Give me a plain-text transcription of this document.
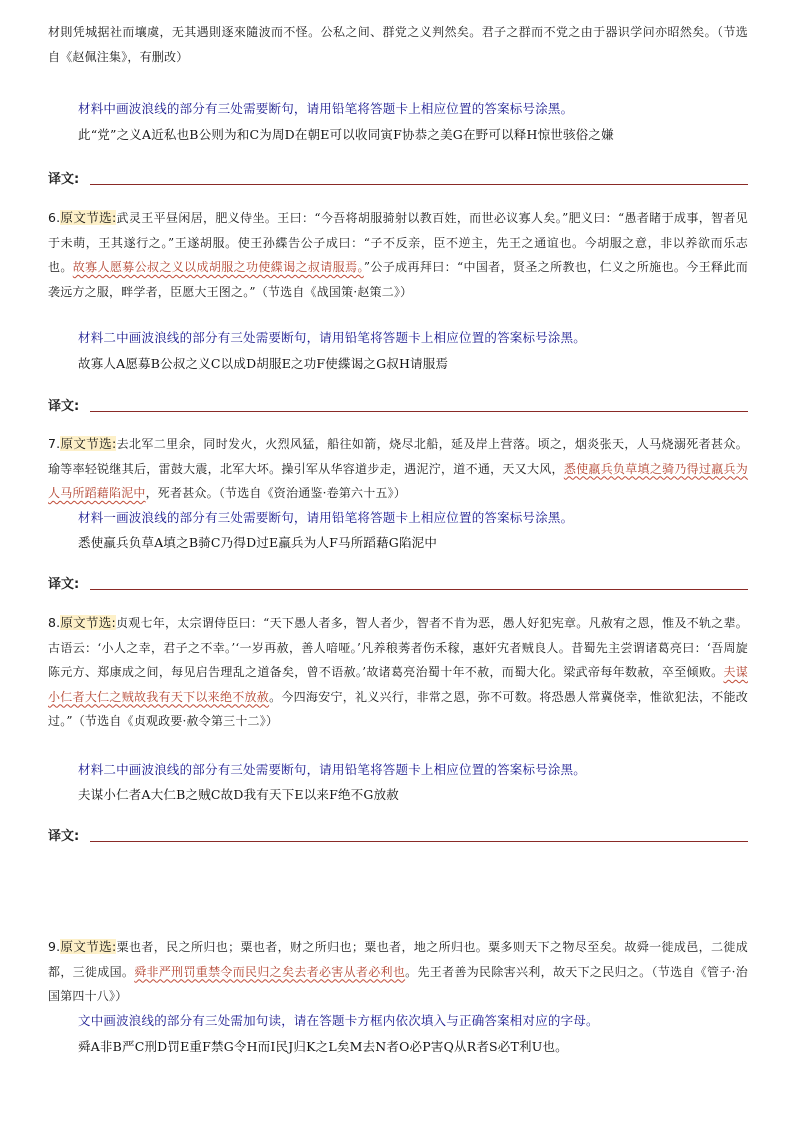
材則凭城据社而壤虞，无其遇則逐來隨波而不怪。公私之间、群党之义判然矣。君子之群而不党之由于器识学问亦昭然矣。（节选自《赵佩注集》，有删改）

材料中画波浪线的部分有三处需要断句，请用铅笔将答题卡上相应位置的答案标号涂黑。

此“党”之义A近私也B公则为和C为周D在朝E可以收同寅F协恭之美G在野可以释H惊世骇俗之嫌

译文:

6.原文节选:武灵王平昼闲居，肥义侍坐。王曰：“今吾将胡服骑射以教百姓，而世必议寡人矣。”肥义曰：“愚者睹于成事，智者见于未萌，王其遂行之。”王遂胡服。使王孙緤告公子成曰：“子不反亲，臣不逆主，先王之通谊也。今胡服之意，非以养欲而乐志也。故寡人愿募公叔之义以成胡服之功使緤谒之叔请服焉。”公子成再拜曰：“中国者，贤圣之所教也，仁义之所施也。今王释此而袭远方之服，畔学者，臣愿大王图之。”（节选自《战国策·赵策二》）

材料二中画波浪线的部分有三处需要断句，请用铅笔将答题卡上相应位置的答案标号涂黑。

故寡人A愿募B公叔之义C以成D胡服E之功F使緤谒之G叔H请服焉

译文:

7.原文节选:去北军二里余，同时发火，火烈风猛，船往如箭，烧尽北船，延及岸上营落。顷之，烟炎张天，人马烧溺死者甚众。瑜等率轻锐继其后，雷鼓大震，北军大坏。操引军从华容道步走，遇泥泞，道不通，天又大风，悉使羸兵负草填之骑乃得过羸兵为人马所蹈藉陷泥中，死者甚众。（节选自《资治通鉴·卷第六十五》）

材料一画波浪线的部分有三处需要断句，请用铅笔将答题卡上相应位置的答案标号涂黑。

悉使羸兵负草A填之B骑C乃得D过E羸兵为人F马所蹈藉G陷泥中

译文:

8.原文节选:贞观七年，太宗谓侍臣曰：“天下愚人者多，智人者少，智者不肯为恶，愚人好犯宪章。凡赦宥之恩，惟及不轨之辈。古语云：‘小人之幸，君子之不幸。’‘一岁再赦，善人喑哑。’凡养稂莠者伤禾稼，惠奸宄者贼良人。昔蜀先主尝谓诸葛亮曰：‘吾周旋陈元方、郑康成之间，每见启告理乱之道备矣，曾不语赦。’故诸葛亮治蜀十年不赦，而蜀大化。梁武帝每年数赦，卒至倾败。夫谋小仁者大仁之贼故我有天下以来绝不放赦。今四海安宁，礼义兴行，非常之恩，弥不可数。将恐愚人常冀侥幸，惟欲犯法，不能改过。”（节选自《贞观政要·赦令第三十二》）

材料二中画波浪线的部分有三处需要断句，请用铅笔将答题卡上相应位置的答案标号涂黑。

夫谋小仁者A大仁B之贼C故D我有天下E以来F绝不G放赦

译文:

9.原文节选:粟也者，民之所归也；粟也者，财之所归也；粟也者，地之所归也。粟多则天下之物尽至矣。故舜一徙成邑，二徙成都，三徙成国。舜非严刑罚重禁令而民归之矣去者必害从者必利也。先王者善为民除害兴利，故天下之民归之。（节选自《管子·治国第四十八》）

文中画波浪线的部分有三处需加句读，请在答题卡方框内依次填入与正确答案相对应的字母。

舜A非B严C刑D罚E重F禁G令H而I民J归K之L矣M去N者O必P害Q从R者S必T利U也。
